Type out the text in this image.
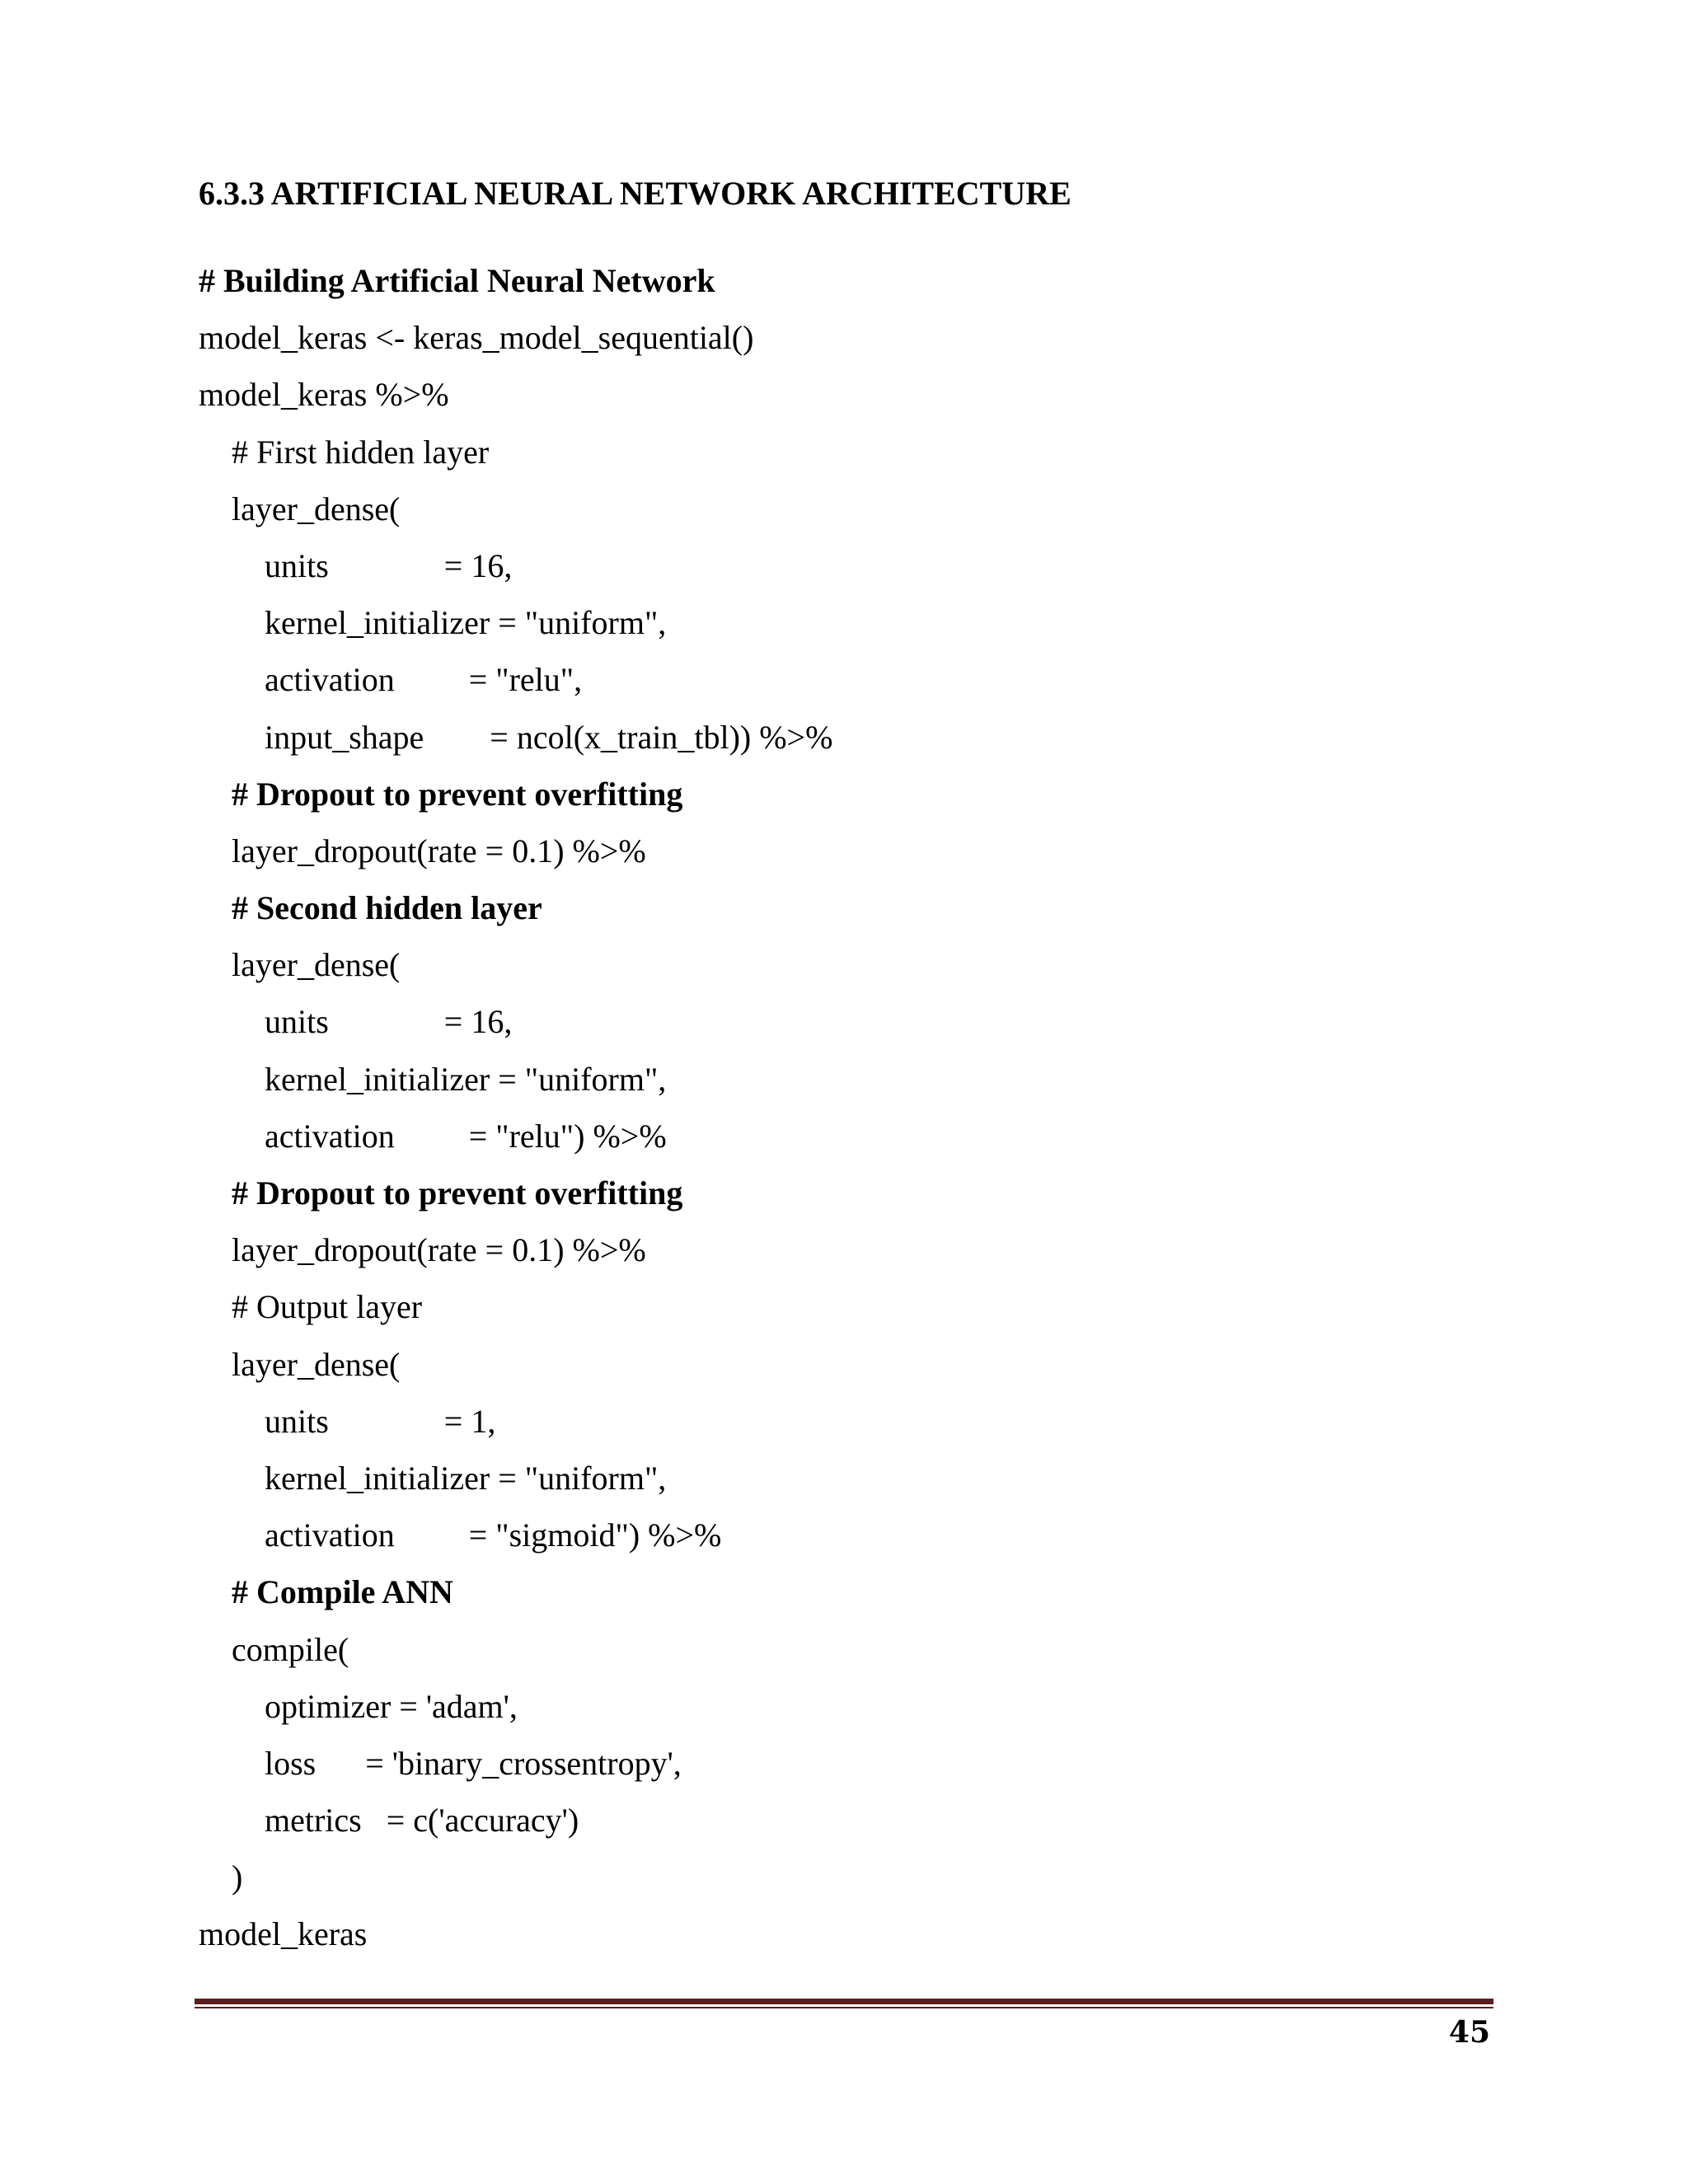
6.3.3 ARTIFICIAL NEURAL NETWORK ARCHITECTURE
# Building Artificial Neural Network
model_keras <- keras_model_sequential()
model_keras %>%
# First hidden layer
layer_dense(
units              = 16,
kernel_initializer = "uniform",
activation         = "relu",
input_shape        = ncol(x_train_tbl)) %>%
# Dropout to prevent overfitting
layer_dropout(rate = 0.1) %>%
# Second hidden layer
layer_dense(
units              = 16,
kernel_initializer = "uniform",
activation         = "relu") %>%
# Dropout to prevent overfitting
layer_dropout(rate = 0.1) %>%
# Output layer
layer_dense(
units              = 1,
kernel_initializer = "uniform",
activation         = "sigmoid") %>%
# Compile ANN
compile(
optimizer = 'adam',
loss      = 'binary_crossentropy',
metrics   = c('accuracy')
)
model_keras
45
